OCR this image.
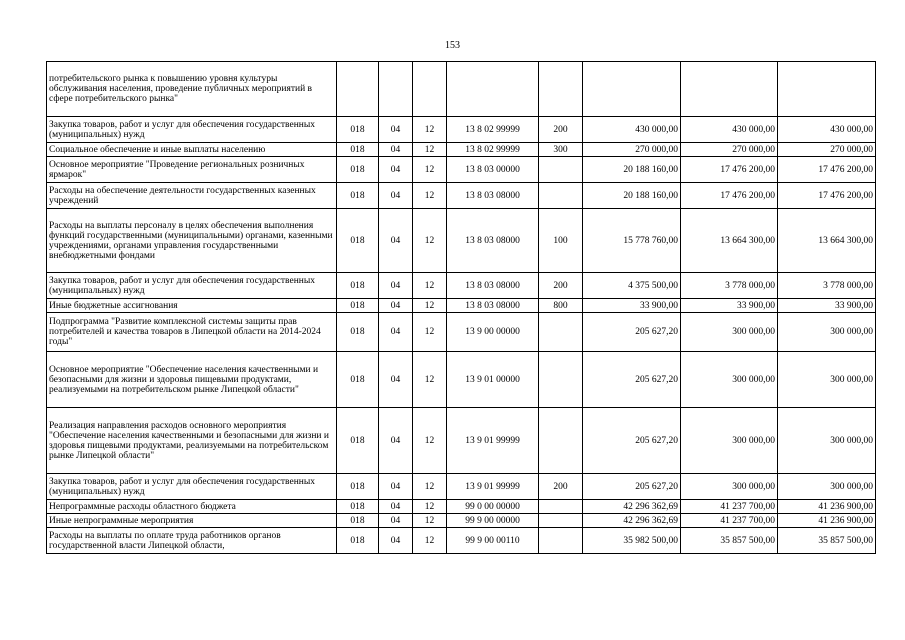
153
потребительского рынка к повышению уровня культуры обслуживания населения, проведение публичных мероприятий в сфере потребительского рынка"								
Закупка товаров, работ и услуг для обеспечения государственных (муниципальных) нужд	018	04	12	13 8 02 99999	200	430 000,00	430 000,00	430 000,00
Социальное обеспечение и иные выплаты населению	018	04	12	13 8 02 99999	300	270 000,00	270 000,00	270 000,00
Основное мероприятие "Проведение региональных розничных ярмарок"	018	04	12	13 8 03 00000		20 188 160,00	17 476 200,00	17 476 200,00
Расходы на обеспечение деятельности государственных казенных учреждений	018	04	12	13 8 03 08000		20 188 160,00	17 476 200,00	17 476 200,00
Расходы на выплаты персоналу в целях обеспечения выполнения функций государственными (муниципальными) органами, казенными учреждениями, органами управления государственными внебюджетными фондами	018	04	12	13 8 03 08000	100	15 778 760,00	13 664 300,00	13 664 300,00
Закупка товаров, работ и услуг для обеспечения государственных (муниципальных) нужд	018	04	12	13 8 03 08000	200	4 375 500,00	3 778 000,00	3 778 000,00
Иные бюджетные ассигнования	018	04	12	13 8 03 08000	800	33 900,00	33 900,00	33 900,00
Подпрограмма "Развитие комплексной системы защиты прав потребителей и качества товаров в Липецкой области на 2014-2024 годы"	018	04	12	13 9 00 00000		205 627,20	300 000,00	300 000,00
Основное мероприятие "Обеспечение населения качественными и безопасными для жизни и здоровья пищевыми продуктами, реализуемыми на потребительском рынке Липецкой области"	018	04	12	13 9 01 00000		205 627,20	300 000,00	300 000,00
Реализация направления расходов основного мероприятия "Обеспечение населения качественными и безопасными для жизни и здоровья пищевыми продуктами, реализуемыми на потребительском рынке Липецкой области"	018	04	12	13 9 01 99999		205 627,20	300 000,00	300 000,00
Закупка товаров, работ и услуг для обеспечения государственных (муниципальных) нужд	018	04	12	13 9 01 99999	200	205 627,20	300 000,00	300 000,00
Непрограммные расходы областного бюджета	018	04	12	99 0 00 00000		42 296 362,69	41 237 700,00	41 236 900,00
Иные непрограммные мероприятия	018	04	12	99 9 00 00000		42 296 362,69	41 237 700,00	41 236 900,00
Расходы на выплаты по оплате труда работников органов государственной власти Липецкой области,	018	04	12	99 9 00 00110		35 982 500,00	35 857 500,00	35 857 500,00
